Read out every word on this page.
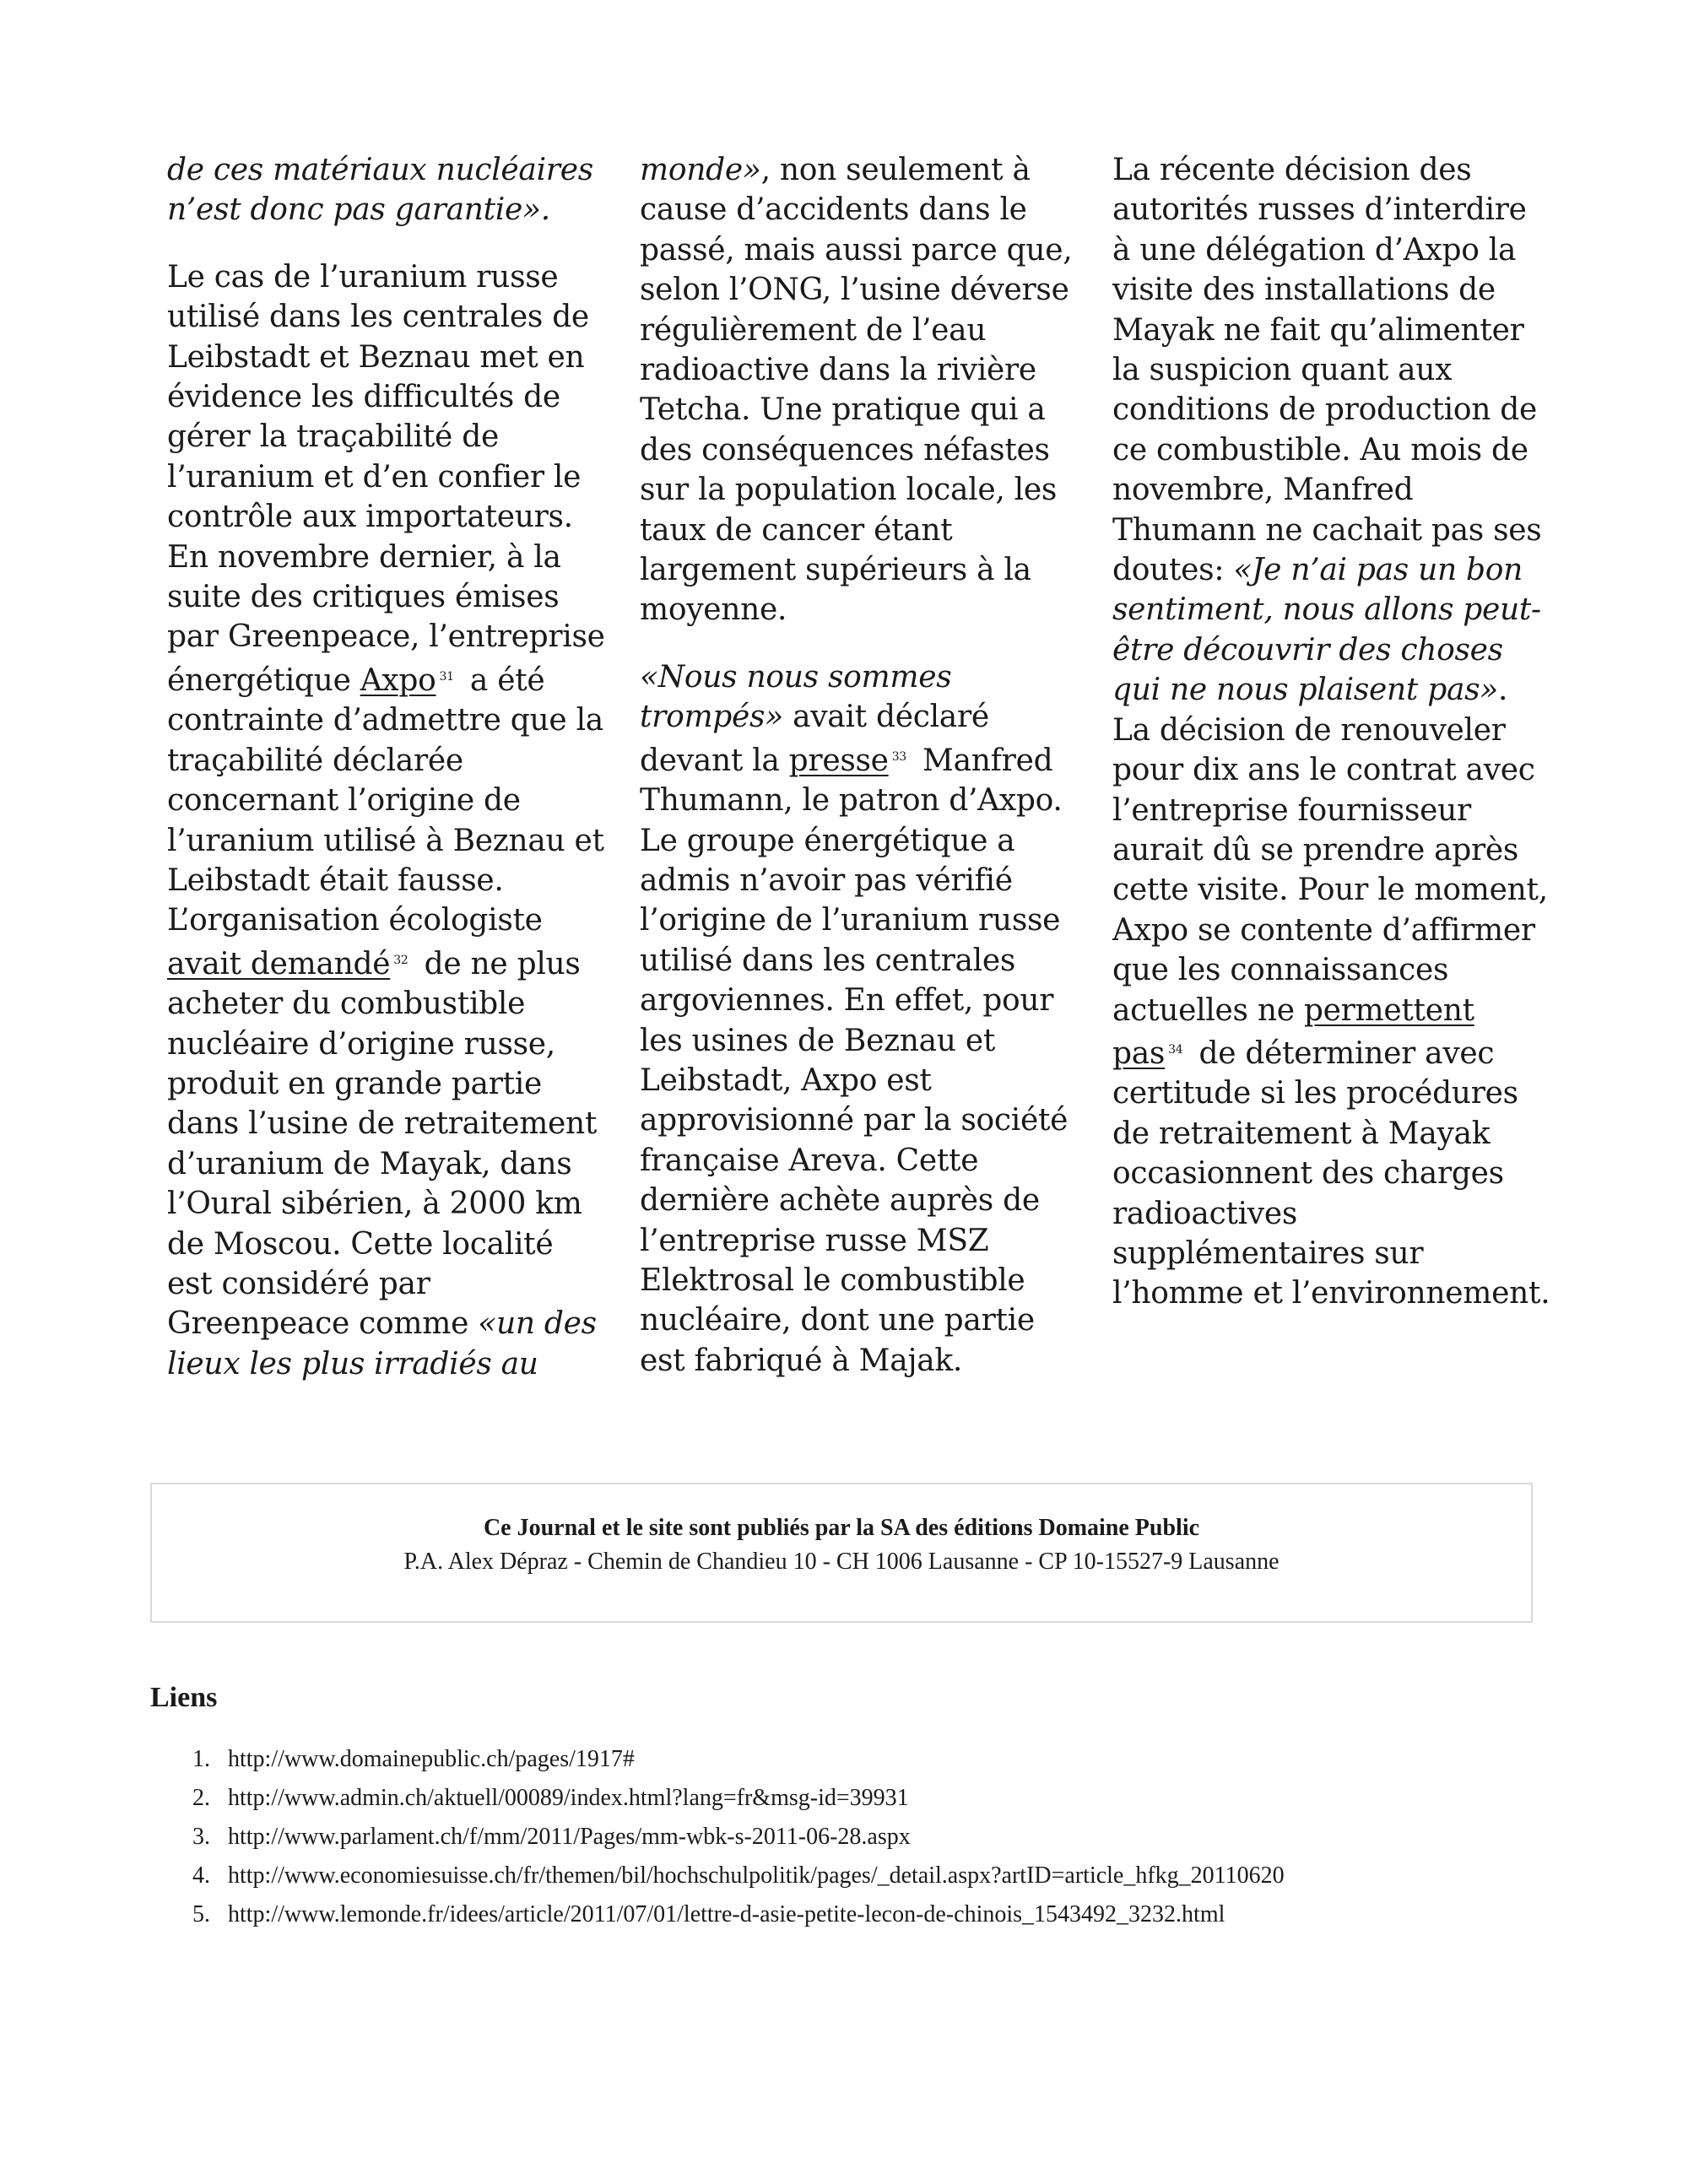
de ces matériaux nucléaires n’est donc pas garantie».

Le cas de l’uranium russe utilisé dans les centrales de Leibstadt et Beznau met en évidence les difficultés de gérer la traçabilité de l’uranium et d’en confier le contrôle aux importateurs. En novembre dernier, à la suite des critiques émises par Greenpeace, l’entreprise énergétique Axpo $^{31}$ a été contrainte d’admettre que la traçabilité déclarée concernant l’origine de l’uranium utilisé à Beznau et Leibstadt était fausse. L’organisation écologiste avait demandé $^{32}$ de ne plus acheter du combustible nucléaire d’origine russe, produit en grande partie dans l’usine de retraitement d’uranium de Mayak, dans l’Oural sibérien, à 2000 km de Moscou. Cette localité est considéré par Greenpeace comme «un des lieux les plus irradiés au

monde», non seulement à cause d’accidents dans le passé, mais aussi parce que, selon l’ONG, l’usine déverse régulièrement de l’eau radioactive dans la rivière Tetcha. Une pratique qui a des conséquences néfastes sur la population locale, les taux de cancer étant largement supérieurs à la moyenne.

«Nous nous sommes trompés» avait déclaré devant la presse $^{33}$ Manfred Thumann, le patron d’Axpo. Le groupe énergétique a admis n’avoir pas vérifié l’origine de l’uranium russe utilisé dans les centrales argoviennes. En effet, pour les usines de Beznau et Leibstadt, Axpo est approvisionné par la société française Areva. Cette dernière achète auprès de l’entreprise russe MSZ Elektrosal le combustible nucléaire, dont une partie est fabriqué à Majak.

La récente décision des autorités russes d’interdire à une délégation d’Axpo la visite des installations de Mayak ne fait qu’alimenter la suspicion quant aux conditions de production de ce combustible. Au mois de novembre, Manfred Thumann ne cachait pas ses doutes: «Je n’ai pas un bon sentiment, nous allons peut-être découvrir des choses qui ne nous plaisent pas». La décision de renouveler pour dix ans le contrat avec l’entreprise fournisseur aurait dû se prendre après cette visite. Pour le moment, Axpo se contente d’affirmer que les connaissances actuelles ne permettent pas $^{34}$ de déterminer avec certitude si les procédures de retraitement à Mayak occasionnent des charges radioactives supplémentaires sur l’homme et l’environnement.

Ce Journal et le site sont publiés par la SA des éditions Domaine Public
P.A. Alex Dépraz - Chemin de Chandieu 10 - CH 1006 Lausanne - CP 10-15527-9 Lausanne
Liens
1. http://www.domainepublic.ch/pages/1917#
2. http://www.admin.ch/aktuell/00089/index.html?lang=fr&msg-id=39931
3. http://www.parlament.ch/f/mm/2011/Pages/mm-wbk-s-2011-06-28.aspx
4. http://www.economiesuisse.ch/fr/themen/bil/hochschulpolitik/pages/_detail.aspx?artID=article_hfkg_20110620
5. http://www.lemonde.fr/idees/article/2011/07/01/lettre-d-asie-petite-lecon-de-chinois_1543492_3232.html
